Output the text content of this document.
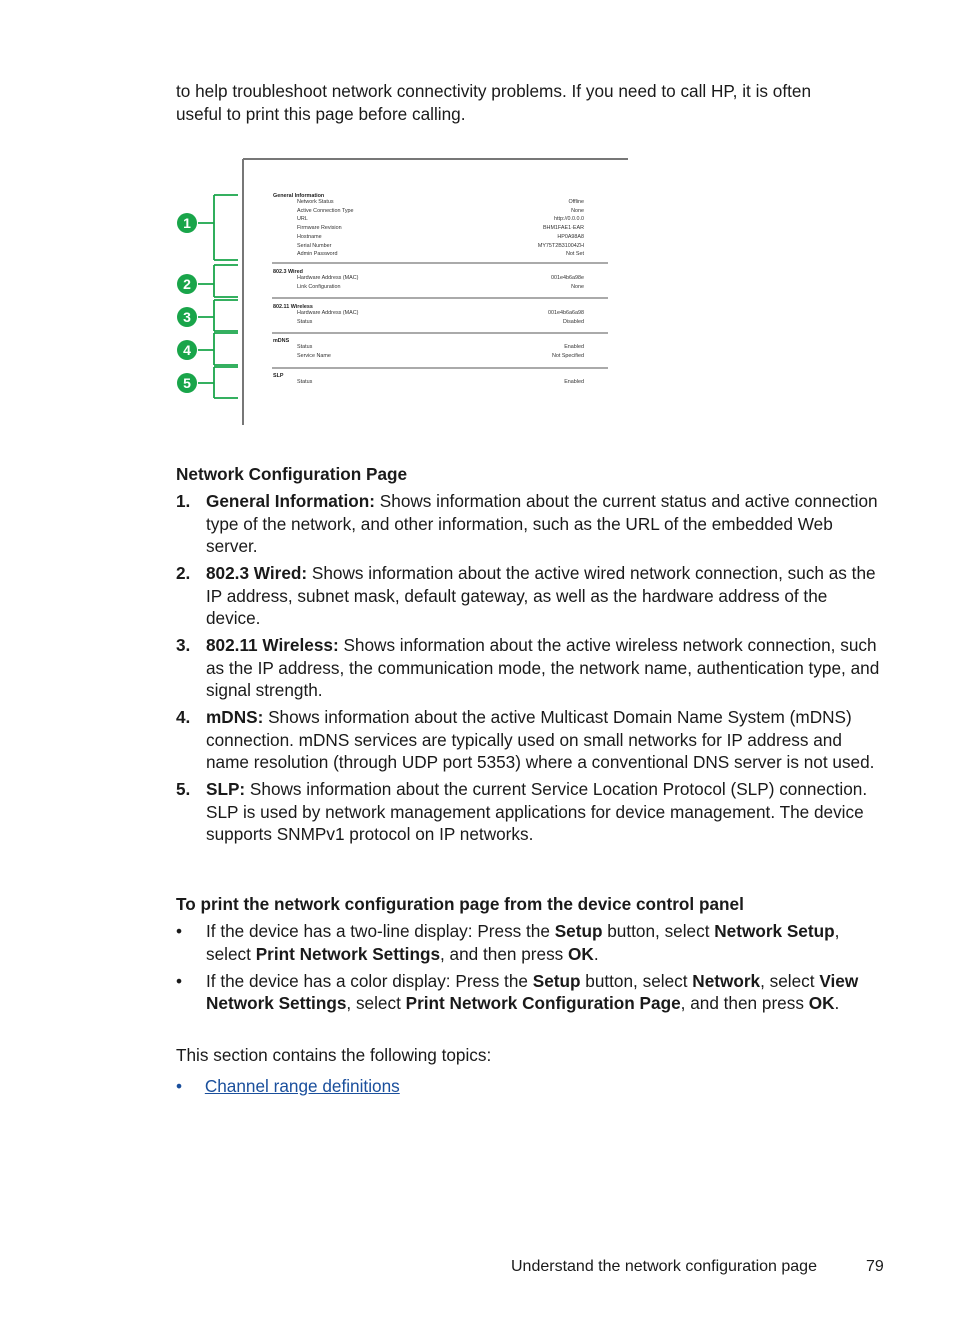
to help troubleshoot network connectivity problems. If you need to call HP, it is often
useful to print this page before calling.

1
2
3
4
5
General Information
Network Status	Offline
Active Connection Type	None
URL	http://0.0.0.0
Firmware Revision	BHM1FAE1·EAR
Hostname	HP0A98A8
Serial Number	MY75T2B31004ZH
Admin Password	Not Set
802.3 Wired
Hardware Address (MAC)	001e4b6a98e
Link Configuration	None
802.11 Wireless
Hardware Address (MAC)	001e4b6a6a98
Status	Disabled
mDNS
Status	Enabled
Service Name	Not Specified
SLP
Status	Enabled
Network Configuration Page
1. General Information: Shows information about the current status and active connection type of the network, and other information, such as the URL of the embedded Web server.
2. 802.3 Wired: Shows information about the active wired network connection, such as the IP address, subnet mask, default gateway, as well as the hardware address of the device.
3. 802.11 Wireless: Shows information about the active wireless network connection, such as the IP address, the communication mode, the network name, authentication type, and signal strength.
4. mDNS: Shows information about the active Multicast Domain Name System (mDNS) connection. mDNS services are typically used on small networks for IP address and name resolution (through UDP port 5353) where a conventional DNS server is not used.
5. SLP: Shows information about the current Service Location Protocol (SLP) connection. SLP is used by network management applications for device management. The device supports SNMPv1 protocol on IP networks.
To print the network configuration page from the device control panel
• If the device has a two-line display: Press the Setup button, select Network Setup, select Print Network Settings, and then press OK.
• If the device has a color display: Press the Setup button, select Network, select View Network Settings, select Print Network Configuration Page, and then press OK.
This section contains the following topics:
• Channel range definitions
Understand the network configuration page	79
